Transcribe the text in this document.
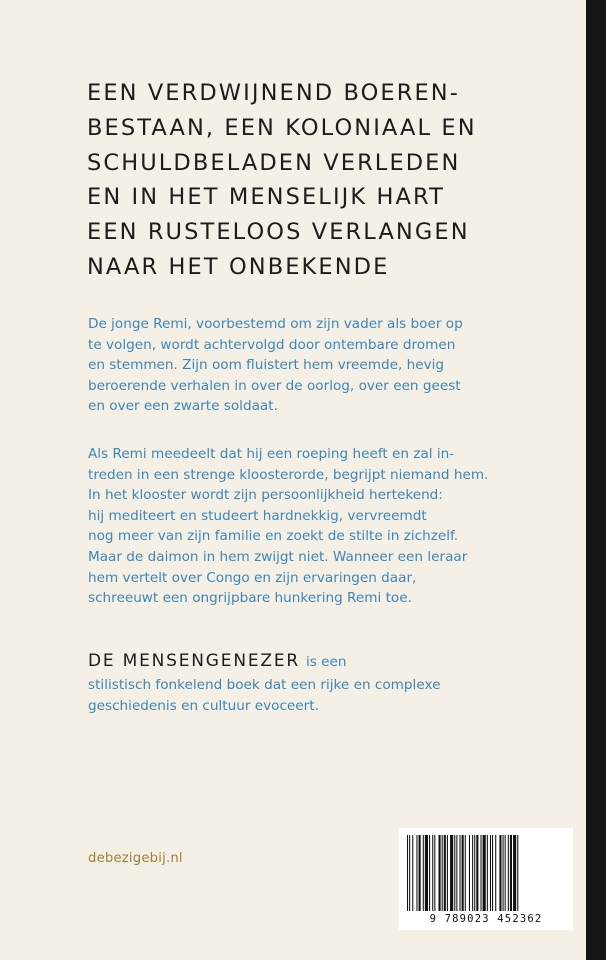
EEN VERDWIJNEND BOEREN-
BESTAAN, EEN KOLONIAAL EN
SCHULDBELADEN VERLEDEN
EN IN HET MENSELIJK HART
EEN RUSTELOOS VERLANGEN
NAAR HET ONBEKENDE

De jonge Remi, voorbestemd om zijn vader als boer op
te volgen, wordt achtervolgd door ontembare dromen
en stemmen. Zijn oom fluistert hem vreemde, hevig
beroerende verhalen in over de oorlog, over een geest
en over een zwarte soldaat.

Als Remi meedeelt dat hij een roeping heeft en zal in-
treden in een strenge kloosterorde, begrijpt niemand hem.
In het klooster wordt zijn persoonlijkheid hertekend:
hij mediteert en studeert hardnekkig, vervreemdt
nog meer van zijn familie en zoekt de stilte in zichzelf.
Maar de daimon in hem zwijgt niet. Wanneer een leraar
hem vertelt over Congo en zijn ervaringen daar,
schreeuwt een ongrijpbare hunkering Remi toe.

DE MENSENGENEZER is een
stilistisch fonkelend boek dat een rijke en complexe
geschiedenis en cultuur evoceert.

debezigebij.nl
9 789023 452362
